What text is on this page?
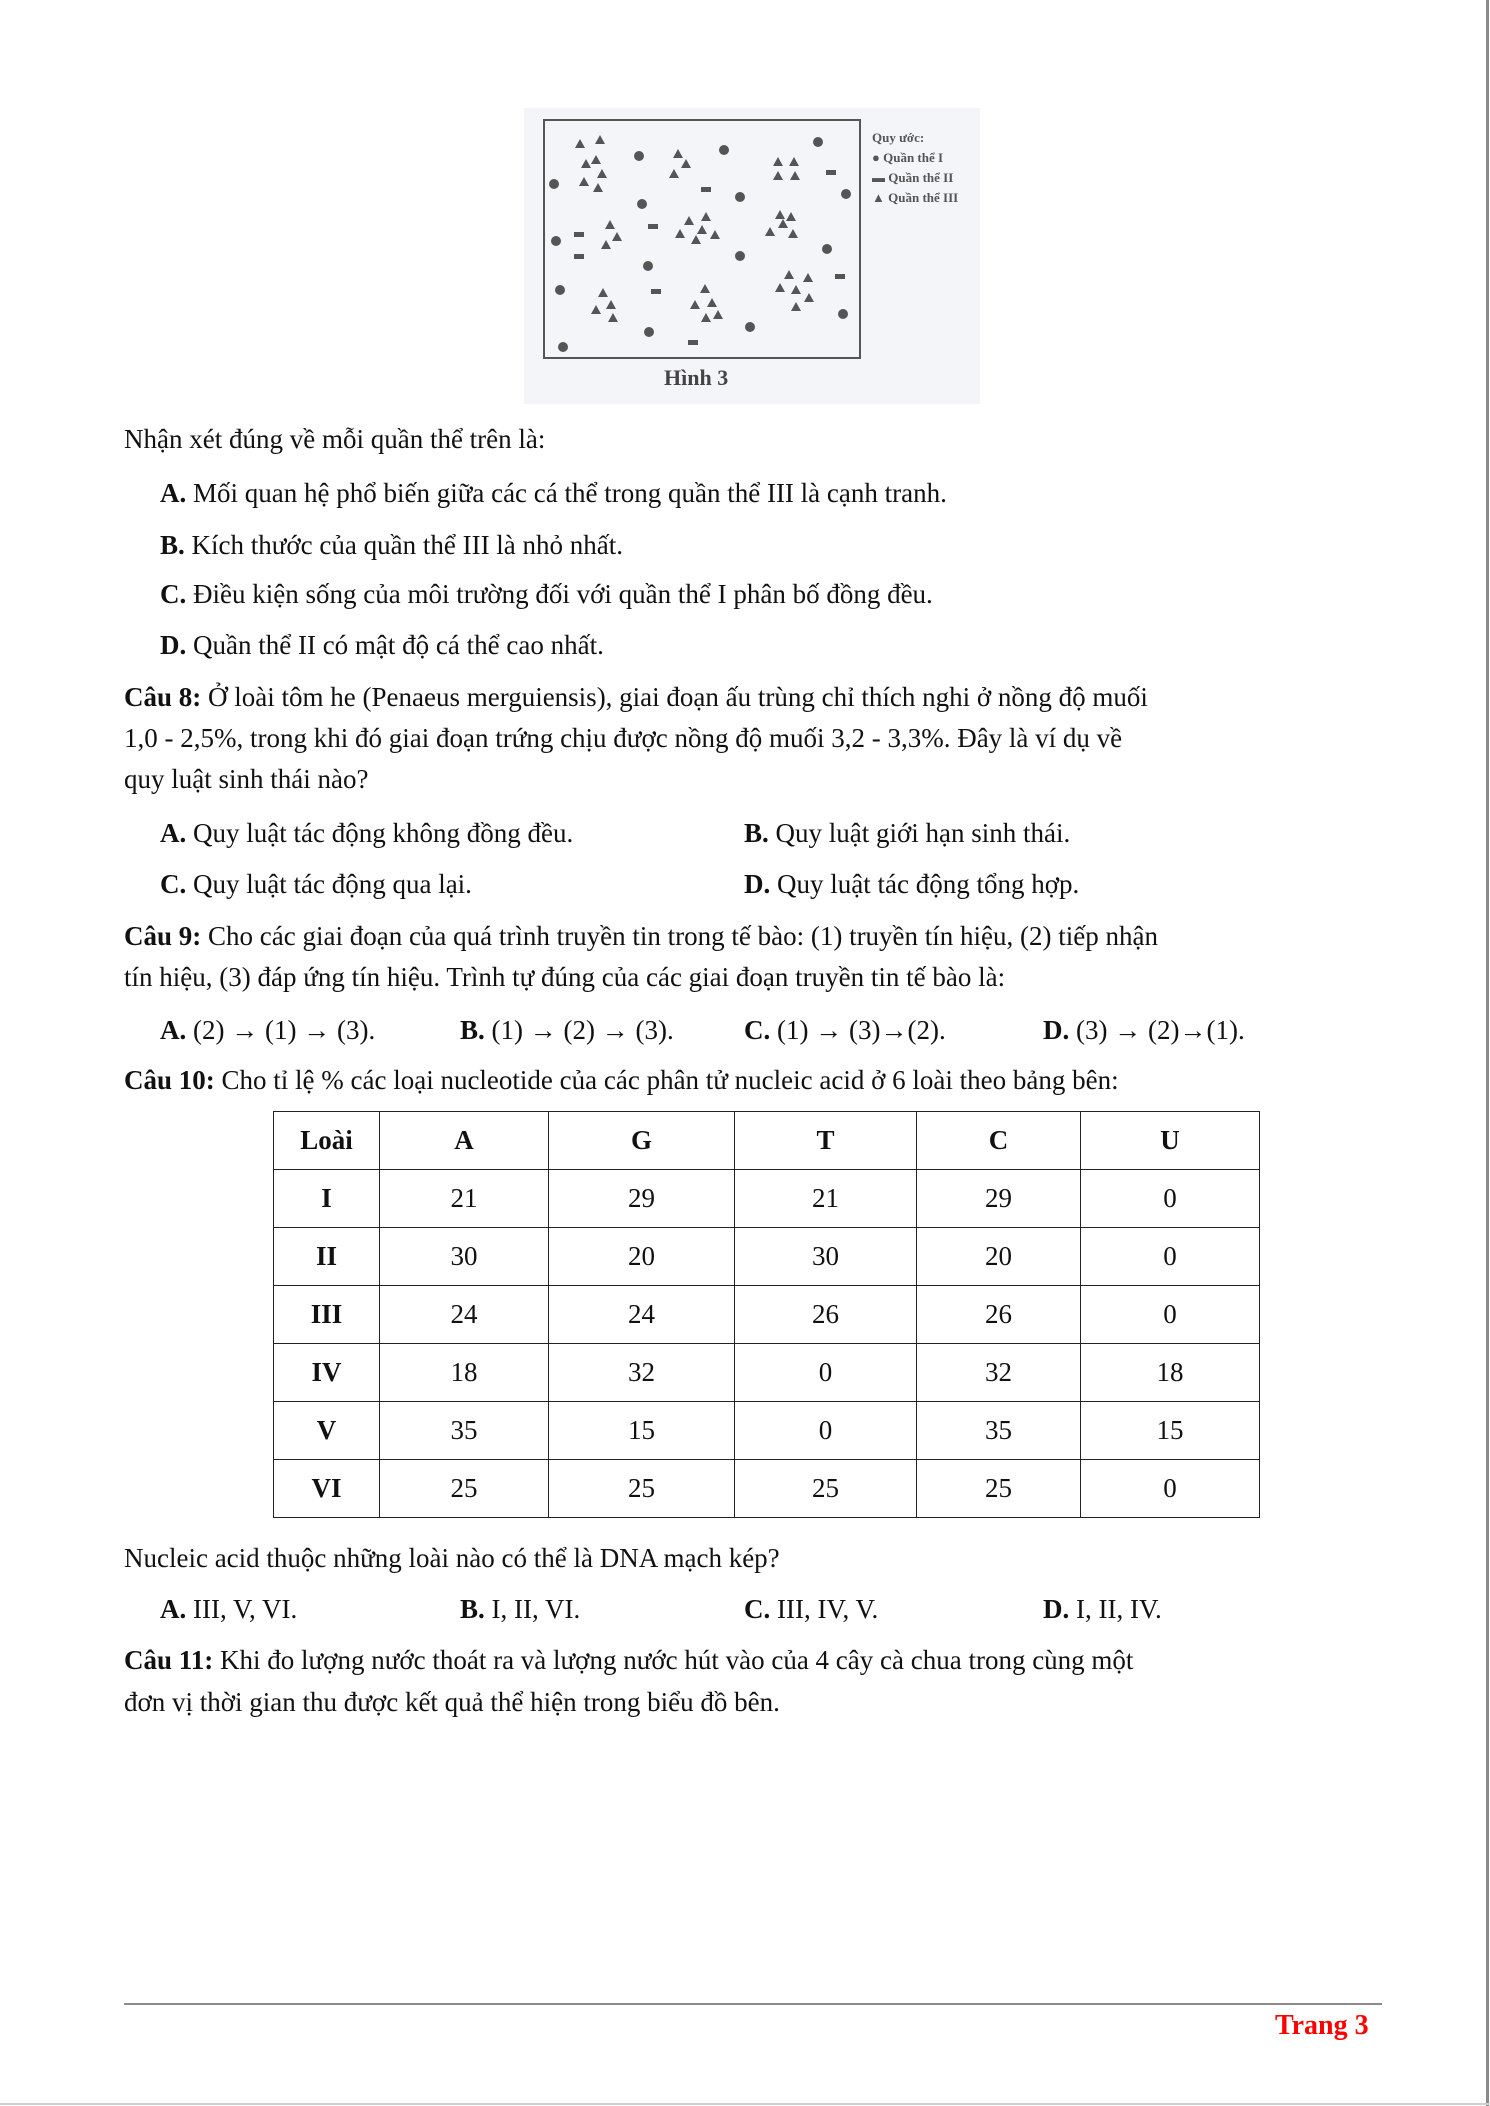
Quy ước:
● Quần thể I
▬ Quần thể II
▲ Quần thể III
Hình 3
Nhận xét đúng về mỗi quần thể trên là:
A. Mối quan hệ phổ biến giữa các cá thể trong quần thể III là cạnh tranh.
B. Kích thước của quần thể III là nhỏ nhất.
C. Điều kiện sống của môi trường đối với quần thể I phân bố đồng đều.
D. Quần thể II có mật độ cá thể cao nhất.
Câu 8: Ở loài tôm he (Penaeus merguiensis), giai đoạn ấu trùng chỉ thích nghi ở nồng độ muối
1,0 - 2,5%, trong khi đó giai đoạn trứng chịu được nồng độ muối 3,2 - 3,3%. Đây là ví dụ về
quy luật sinh thái nào?
A. Quy luật tác động không đồng đều.	B. Quy luật giới hạn sinh thái.
C. Quy luật tác động qua lại.	D. Quy luật tác động tổng hợp.
Câu 9: Cho các giai đoạn của quá trình truyền tin trong tế bào: (1) truyền tín hiệu, (2) tiếp nhận
tín hiệu, (3) đáp ứng tín hiệu. Trình tự đúng của các giai đoạn truyền tin tế bào là:
A. (2) → (1) → (3).	B. (1) → (2) → (3).	C. (1) → (3)→(2).	D. (3) → (2)→(1).
Câu 10: Cho tỉ lệ % các loại nucleotide của các phân tử nucleic acid ở 6 loài theo bảng bên:
Loài	A	G	T	C	U
I	21	29	21	29	0
II	30	20	30	20	0
III	24	24	26	26	0
IV	18	32	0	32	18
V	35	15	0	35	15
VI	25	25	25	25	0
Nucleic acid thuộc những loài nào có thể là DNA mạch kép?
A. III, V, VI.	B. I, II, VI.	C. III, IV, V.	D. I, II, IV.
Câu 11: Khi đo lượng nước thoát ra và lượng nước hút vào của 4 cây cà chua trong cùng một
đơn vị thời gian thu được kết quả thể hiện trong biểu đồ bên.
Trang 3
